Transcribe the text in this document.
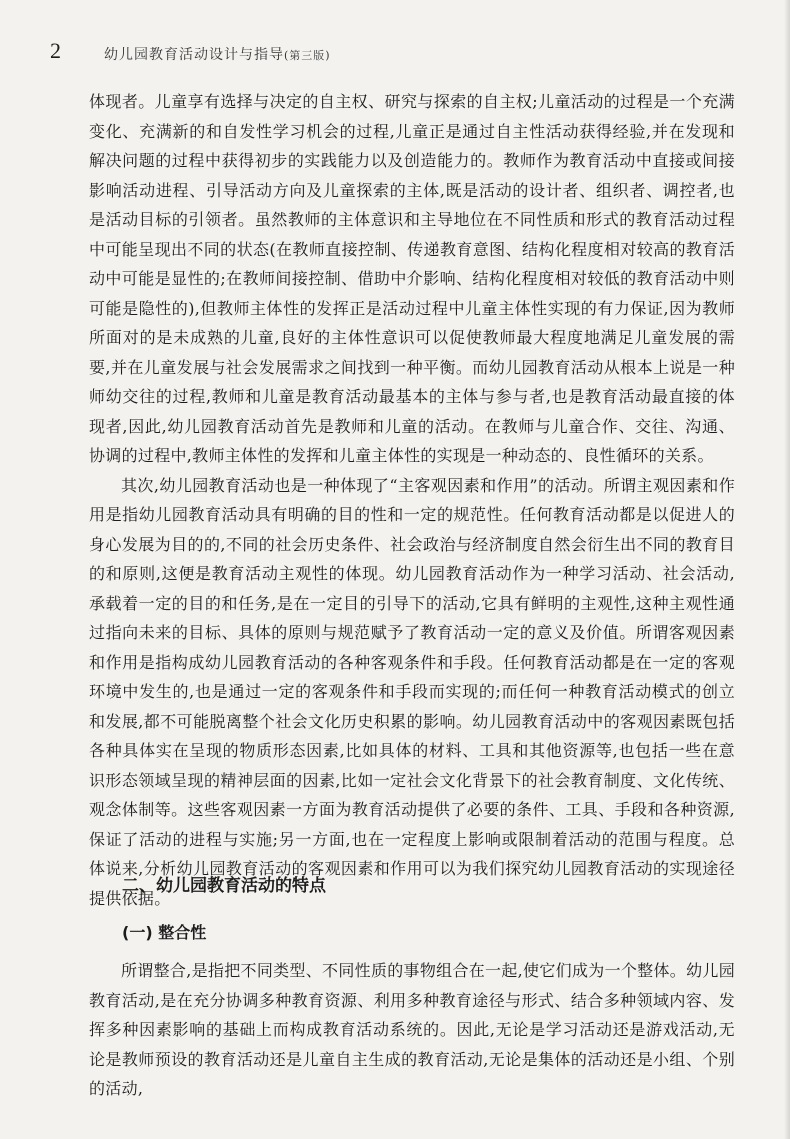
2	幼儿园教育活动设计与指导(第三版)

体现者。儿童享有选择与决定的自主权、研究与探索的自主权;儿童活动的过程是一个充满变化、充满新的和自发性学习机会的过程,儿童正是通过自主性活动获得经验,并在发现和解决问题的过程中获得初步的实践能力以及创造能力的。教师作为教育活动中直接或间接影响活动进程、引导活动方向及儿童探索的主体,既是活动的设计者、组织者、调控者,也是活动目标的引领者。虽然教师的主体意识和主导地位在不同性质和形式的教育活动过程中可能呈现出不同的状态(在教师直接控制、传递教育意图、结构化程度相对较高的教育活动中可能是显性的;在教师间接控制、借助中介影响、结构化程度相对较低的教育活动中则可能是隐性的),但教师主体性的发挥正是活动过程中儿童主体性实现的有力保证,因为教师所面对的是未成熟的儿童,良好的主体性意识可以促使教师最大程度地满足儿童发展的需要,并在儿童发展与社会发展需求之间找到一种平衡。而幼儿园教育活动从根本上说是一种师幼交往的过程,教师和儿童是教育活动最基本的主体与参与者,也是教育活动最直接的体现者,因此,幼儿园教育活动首先是教师和儿童的活动。在教师与儿童合作、交往、沟通、协调的过程中,教师主体性的发挥和儿童主体性的实现是一种动态的、良性循环的关系。

其次,幼儿园教育活动也是一种体现了“主客观因素和作用”的活动。所谓主观因素和作用是指幼儿园教育活动具有明确的目的性和一定的规范性。任何教育活动都是以促进人的身心发展为目的的,不同的社会历史条件、社会政治与经济制度自然会衍生出不同的教育目的和原则,这便是教育活动主观性的体现。幼儿园教育活动作为一种学习活动、社会活动,承载着一定的目的和任务,是在一定目的引导下的活动,它具有鲜明的主观性,这种主观性通过指向未来的目标、具体的原则与规范赋予了教育活动一定的意义及价值。所谓客观因素和作用是指构成幼儿园教育活动的各种客观条件和手段。任何教育活动都是在一定的客观环境中发生的,也是通过一定的客观条件和手段而实现的;而任何一种教育活动模式的创立和发展,都不可能脱离整个社会文化历史积累的影响。幼儿园教育活动中的客观因素既包括各种具体实在呈现的物质形态因素,比如具体的材料、工具和其他资源等,也包括一些在意识形态领域呈现的精神层面的因素,比如一定社会文化背景下的社会教育制度、文化传统、观念体制等。这些客观因素一方面为教育活动提供了必要的条件、工具、手段和各种资源,保证了活动的进程与实施;另一方面,也在一定程度上影响或限制着活动的范围与程度。总体说来,分析幼儿园教育活动的客观因素和作用可以为我们探究幼儿园教育活动的实现途径提供依据。

二、幼儿园教育活动的特点
(一) 整合性

所谓整合,是指把不同类型、不同性质的事物组合在一起,使它们成为一个整体。幼儿园教育活动,是在充分协调多种教育资源、利用多种教育途径与形式、结合多种领域内容、发挥多种因素影响的基础上而构成教育活动系统的。因此,无论是学习活动还是游戏活动,无论是教师预设的教育活动还是儿童自主生成的教育活动,无论是集体的活动还是小组、个别的活动,
